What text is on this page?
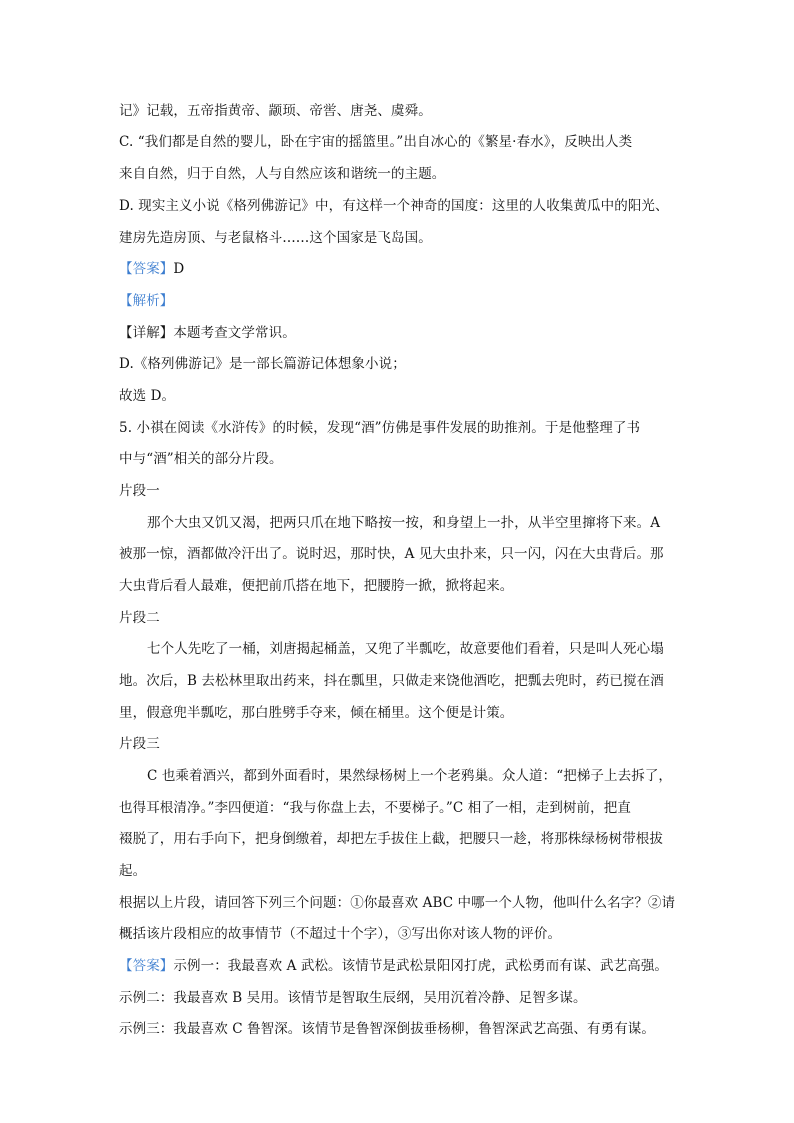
记》记载，五帝指黄帝、颛顼、帝喾、唐尧、虞舜。
C. “我们都是自然的婴儿，卧在宇宙的摇篮里。”出自冰心的《繁星·春水》，反映出人类
来自自然，归于自然，人与自然应该和谐统一的主题。
D. 现实主义小说《格列佛游记》中，有这样一个神奇的国度：这里的人收集黄瓜中的阳光、
建房先造房顶、与老鼠格斗……这个国家是飞岛国。
【答案】D
【解析】
【详解】本题考查文学常识。
D.《格列佛游记》是一部长篇游记体想象小说；
故选 D。
5. 小祺在阅读《水浒传》的时候，发现“酒”仿佛是事件发展的助推剂。于是他整理了书
中与“酒”相关的部分片段。
片段一
那个大虫又饥又渴，把两只爪在地下略按一按，和身望上一扑，从半空里撺将下来。A
被那一惊，酒都做冷汗出了。说时迟，那时快，A 见大虫扑来，只一闪，闪在大虫背后。那
大虫背后看人最难，便把前爪搭在地下，把腰胯一掀，掀将起来。
片段二
七个人先吃了一桶，刘唐揭起桶盖，又兜了半瓢吃，故意要他们看着，只是叫人死心塌
地。次后，B 去松林里取出药来，抖在瓢里，只做走来饶他酒吃，把瓢去兜时，药已搅在酒
里，假意兜半瓢吃，那白胜劈手夺来，倾在桶里。这个便是计策。
片段三
C 也乘着酒兴，都到外面看时，果然绿杨树上一个老鸦巢。众人道：“把梯子上去拆了，
也得耳根清净。”李四便道：“我与你盘上去，不要梯子。”C 相了一相，走到树前，把直
裰脱了，用右手向下，把身倒缴着，却把左手拔住上截，把腰只一趁，将那株绿杨树带根拔
起。
根据以上片段，请回答下列三个问题：①你最喜欢 ABC 中哪一个人物，他叫什么名字？②请
概括该片段相应的故事情节（不超过十个字），③写出你对该人物的评价。
【答案】示例一：我最喜欢 A 武松。该情节是武松景阳冈打虎，武松勇而有谋、武艺高强。
示例二：我最喜欢 B 吴用。该情节是智取生辰纲，吴用沉着冷静、足智多谋。
示例三：我最喜欢 C 鲁智深。该情节是鲁智深倒拔垂杨柳，鲁智深武艺高强、有勇有谋。
